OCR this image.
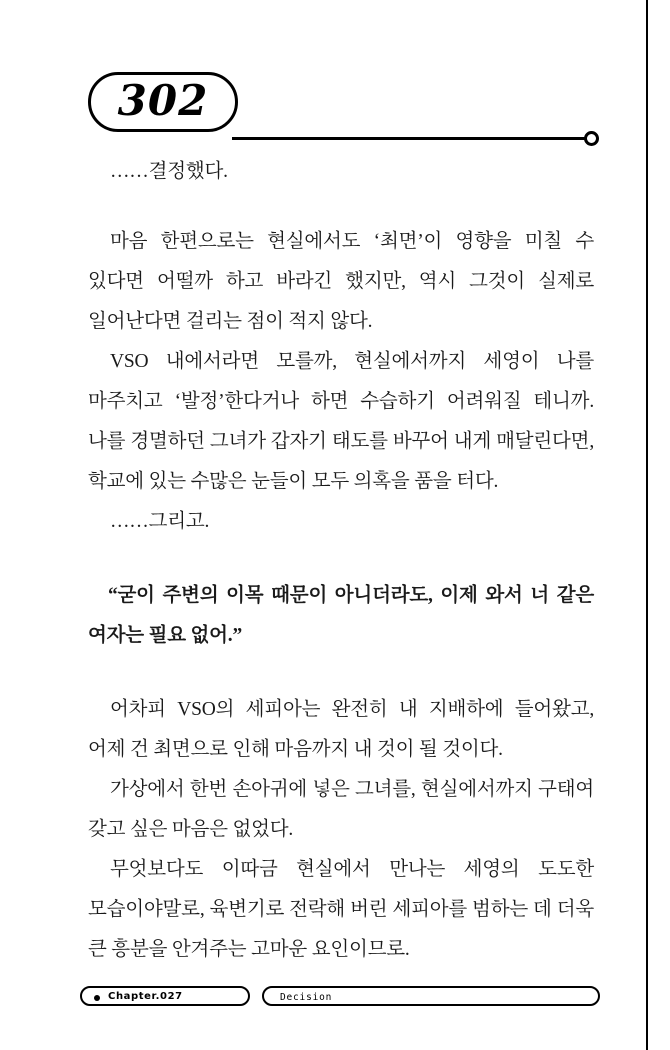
302

……결정했다.

마음 한편으로는 현실에서도 ‘최면’이 영향을 미칠 수 있다면 어떨까 하고 바라긴 했지만, 역시 그것이 실제로 일어난다면 걸리는 점이 적지 않다.

VSO 내에서라면 모를까, 현실에서까지 세영이 나를 마주치고 ‘발정’한다거나 하면 수습하기 어려워질 테니까. 나를 경멸하던 그녀가 갑자기 태도를 바꾸어 내게 매달린다면, 학교에 있는 수많은 눈들이 모두 의혹을 품을 터다.

……그리고.

“굳이 주변의 이목 때문이 아니더라도, 이제 와서 너 같은 여자는 필요 없어.”

어차피 VSO의 세피아는 완전히 내 지배하에 들어왔고, 어제 건 최면으로 인해 마음까지 내 것이 될 것이다.

가상에서 한번 손아귀에 넣은 그녀를, 현실에서까지 구태여 갖고 싶은 마음은 없었다.

무엇보다도 이따금 현실에서 만나는 세영의 도도한 모습이야말로, 육변기로 전락해 버린 세피아를 범하는 데 더욱 큰 흥분을 안겨주는 고마운 요인이므로.

Chapter.027	Decision
